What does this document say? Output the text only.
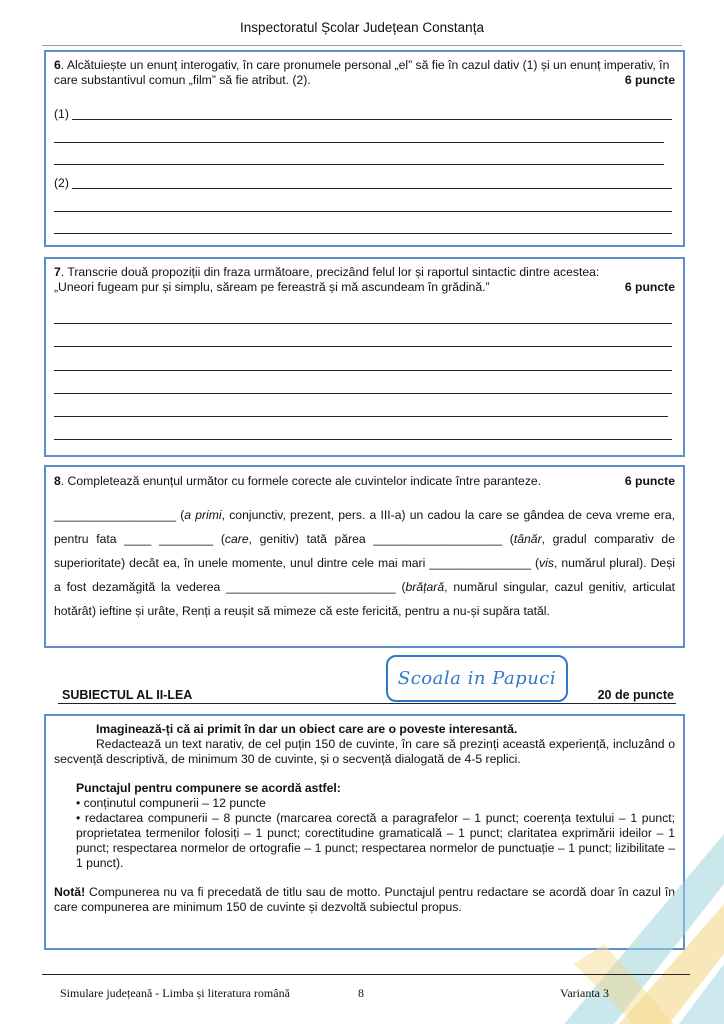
Inspectoratul Școlar Județean Constanța
6. Alcătuiește un enunț interogativ, în care pronumele personal „el” să fie în cazul dativ (1) și un enunț imperativ, în care substantivul comun „film” să fie atribut. (2).	6 puncte
(1)
(2)
7. Transcrie două propoziții din fraza următoare, precizând felul lor și raportul sintactic dintre acestea:
„Uneori fugeam pur și simplu, săream pe fereastră și mă ascundeam în grădină.”	6 puncte
8. Completează enunțul următor cu formele corecte ale cuvintelor indicate între paranteze.	6 puncte
__________________ (a primi, conjunctiv, prezent, pers. a III-a) un cadou la care se gândea de ceva vreme era, pentru fata ____ ________ (care, genitiv) tată părea ___________________ (tânăr, gradul comparativ de superioritate) decât ea, în unele momente, unul dintre cele mai mari _______________ (vis, numărul plural). Deși a fost dezamăgită la vederea _________________________ (brățară, numărul singular, cazul genitiv, articulat hotărât) ieftine și urâte, Renți a reușit să mimeze că este fericită, pentru a nu-și supăra tatăl.
SUBIECTUL AL II-LEA	20 de puncte
Scoala in Papuci

Imaginează-ți că ai primit în dar un obiect care are o poveste interesantă.

Redactează un text narativ, de cel puțin 150 de cuvinte, în care să prezinți această experiență, incluzând o secvență descriptivă, de minimum 30 de cuvinte, și o secvență dialogată de 4-5 replici.

Punctajul pentru compunere se acordă astfel:

• conținutul compunerii – 12 puncte

• redactarea compunerii – 8 puncte (marcarea corectă a paragrafelor – 1 punct; coerența textului – 1 punct; proprietatea termenilor folosiți – 1 punct; corectitudine gramaticală – 1 punct; claritatea exprimării ideilor – 1 punct; respectarea normelor de ortografie – 1 punct; respectarea normelor de punctuație – 1 punct; lizibilitate – 1 punct).

Notă! Compunerea nu va fi precedată de titlu sau de motto. Punctajul pentru redactare se acordă doar în cazul în care compunerea are minimum 150 de cuvinte și dezvoltă subiectul propus.

Simulare județeană - Limba și literatura română	8	Varianta 3
